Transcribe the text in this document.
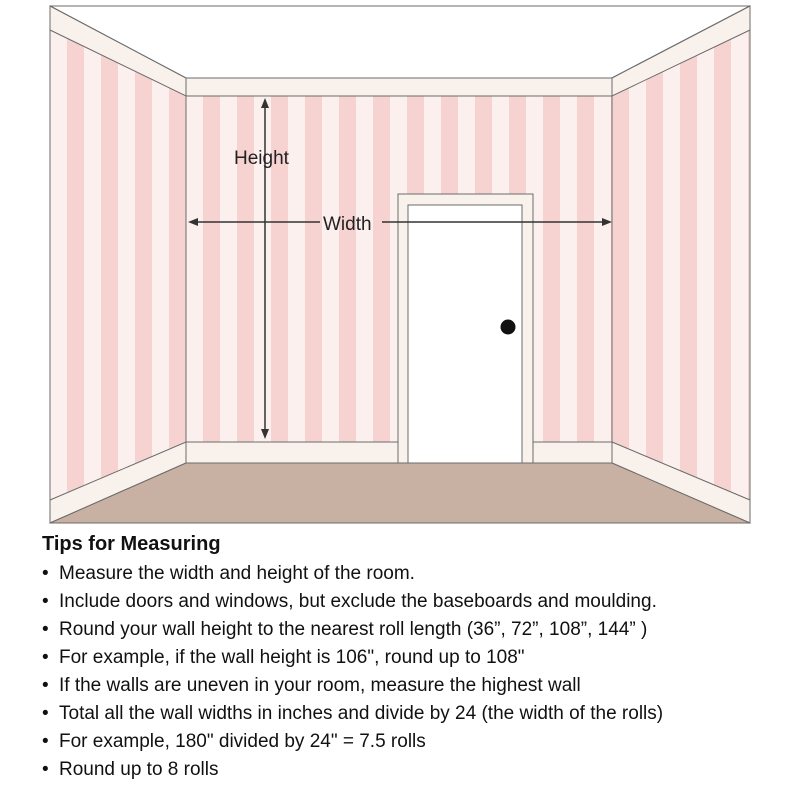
Height
Width
Tips for Measuring
• Measure the width and height of the room.
• Include doors and windows, but exclude the baseboards and moulding.
• Round your wall height to the nearest roll length (36”, 72”, 108”, 144” )
• For example, if the wall height is 106", round up to 108"
• If the walls are uneven in your room, measure the highest wall
• Total all the wall widths in inches and divide by 24 (the width of the rolls)
• For example, 180" divided by 24" = 7.5 rolls
• Round up to 8 rolls
